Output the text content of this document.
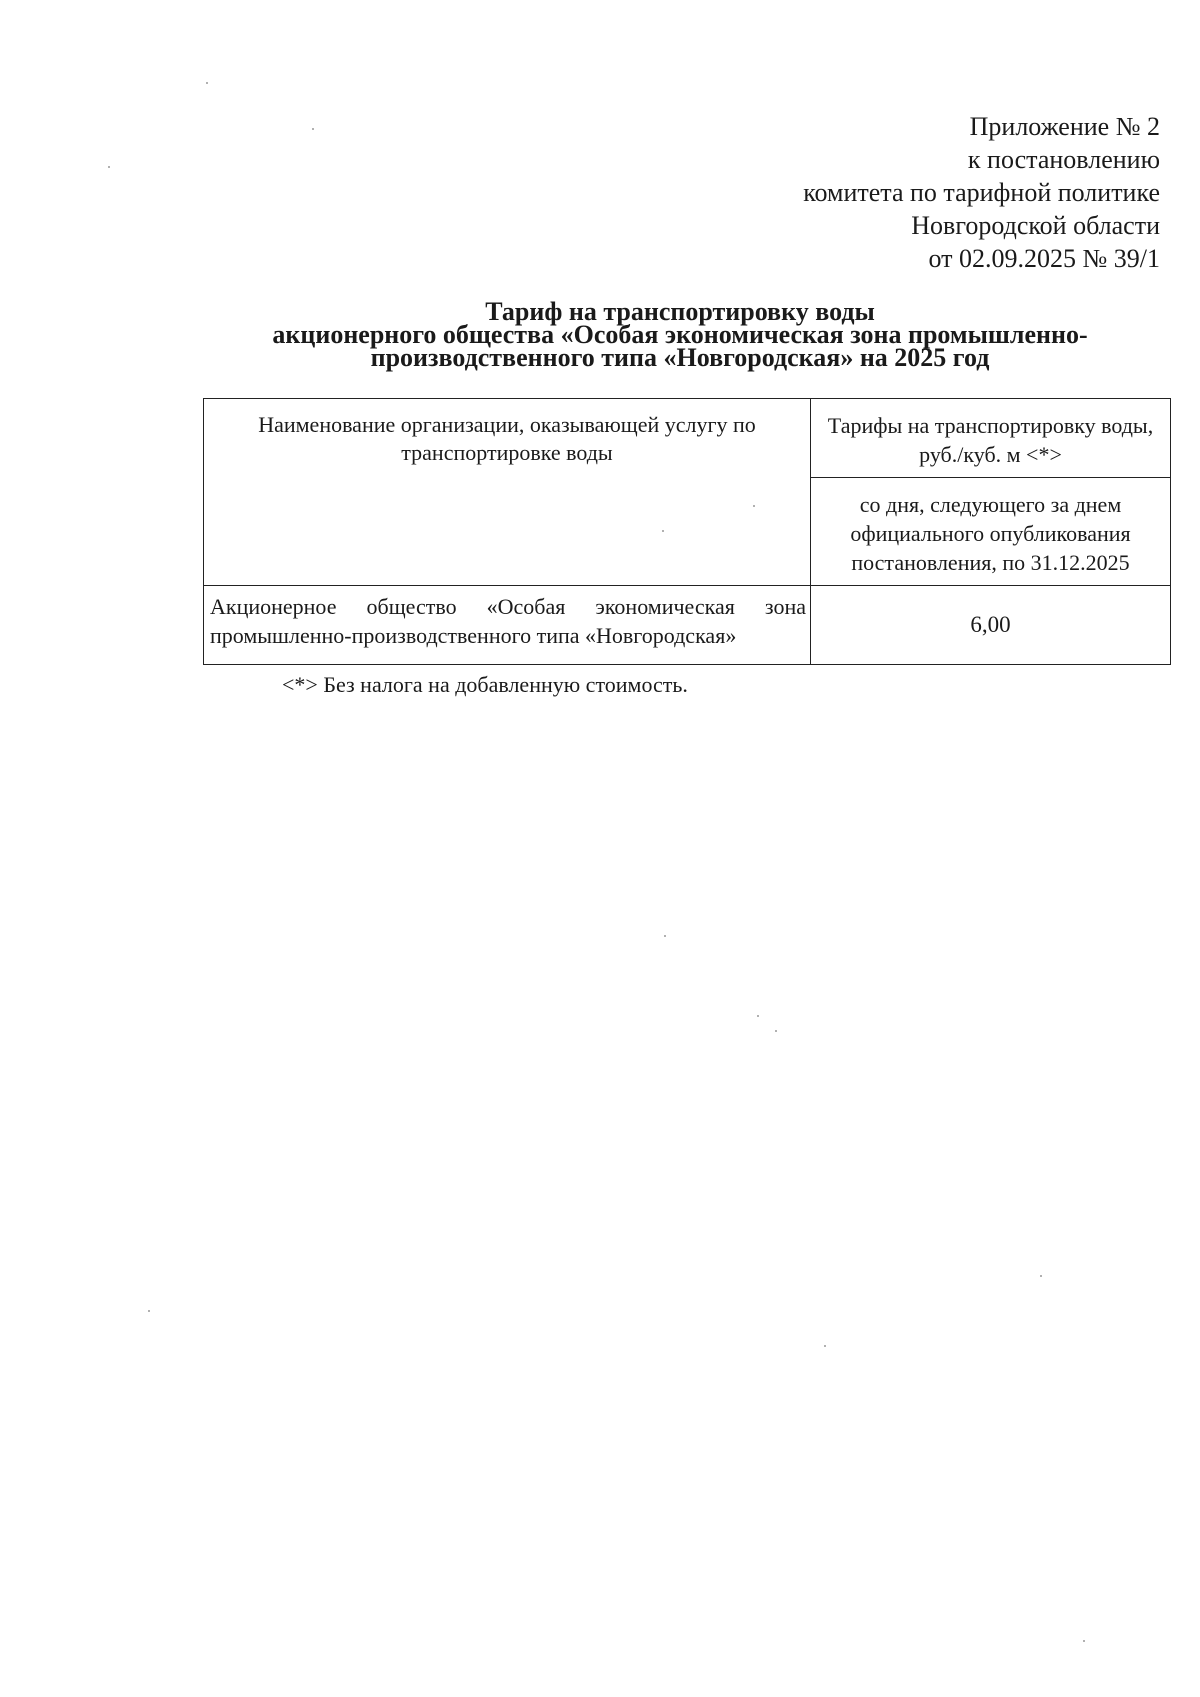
Приложение № 2
к постановлению
комитета по тарифной политике
Новгородской области
от 02.09.2025 № 39/1
Тариф на транспортировку воды
акционерного общества «Особая экономическая зона промышленно-
производственного типа «Новгородская» на 2025 год
Наименование организации, оказывающей услугу по транспортировке воды	Тарифы на транспортировку воды, руб./куб. м <*>
	со дня, следующего за днем официального опубликования постановления, по 31.12.2025
Акционерное общество «Особая экономическая зона
промышленно-производственного типа «Новгородская»	6,00
<*> Без налога на добавленную стоимость.
